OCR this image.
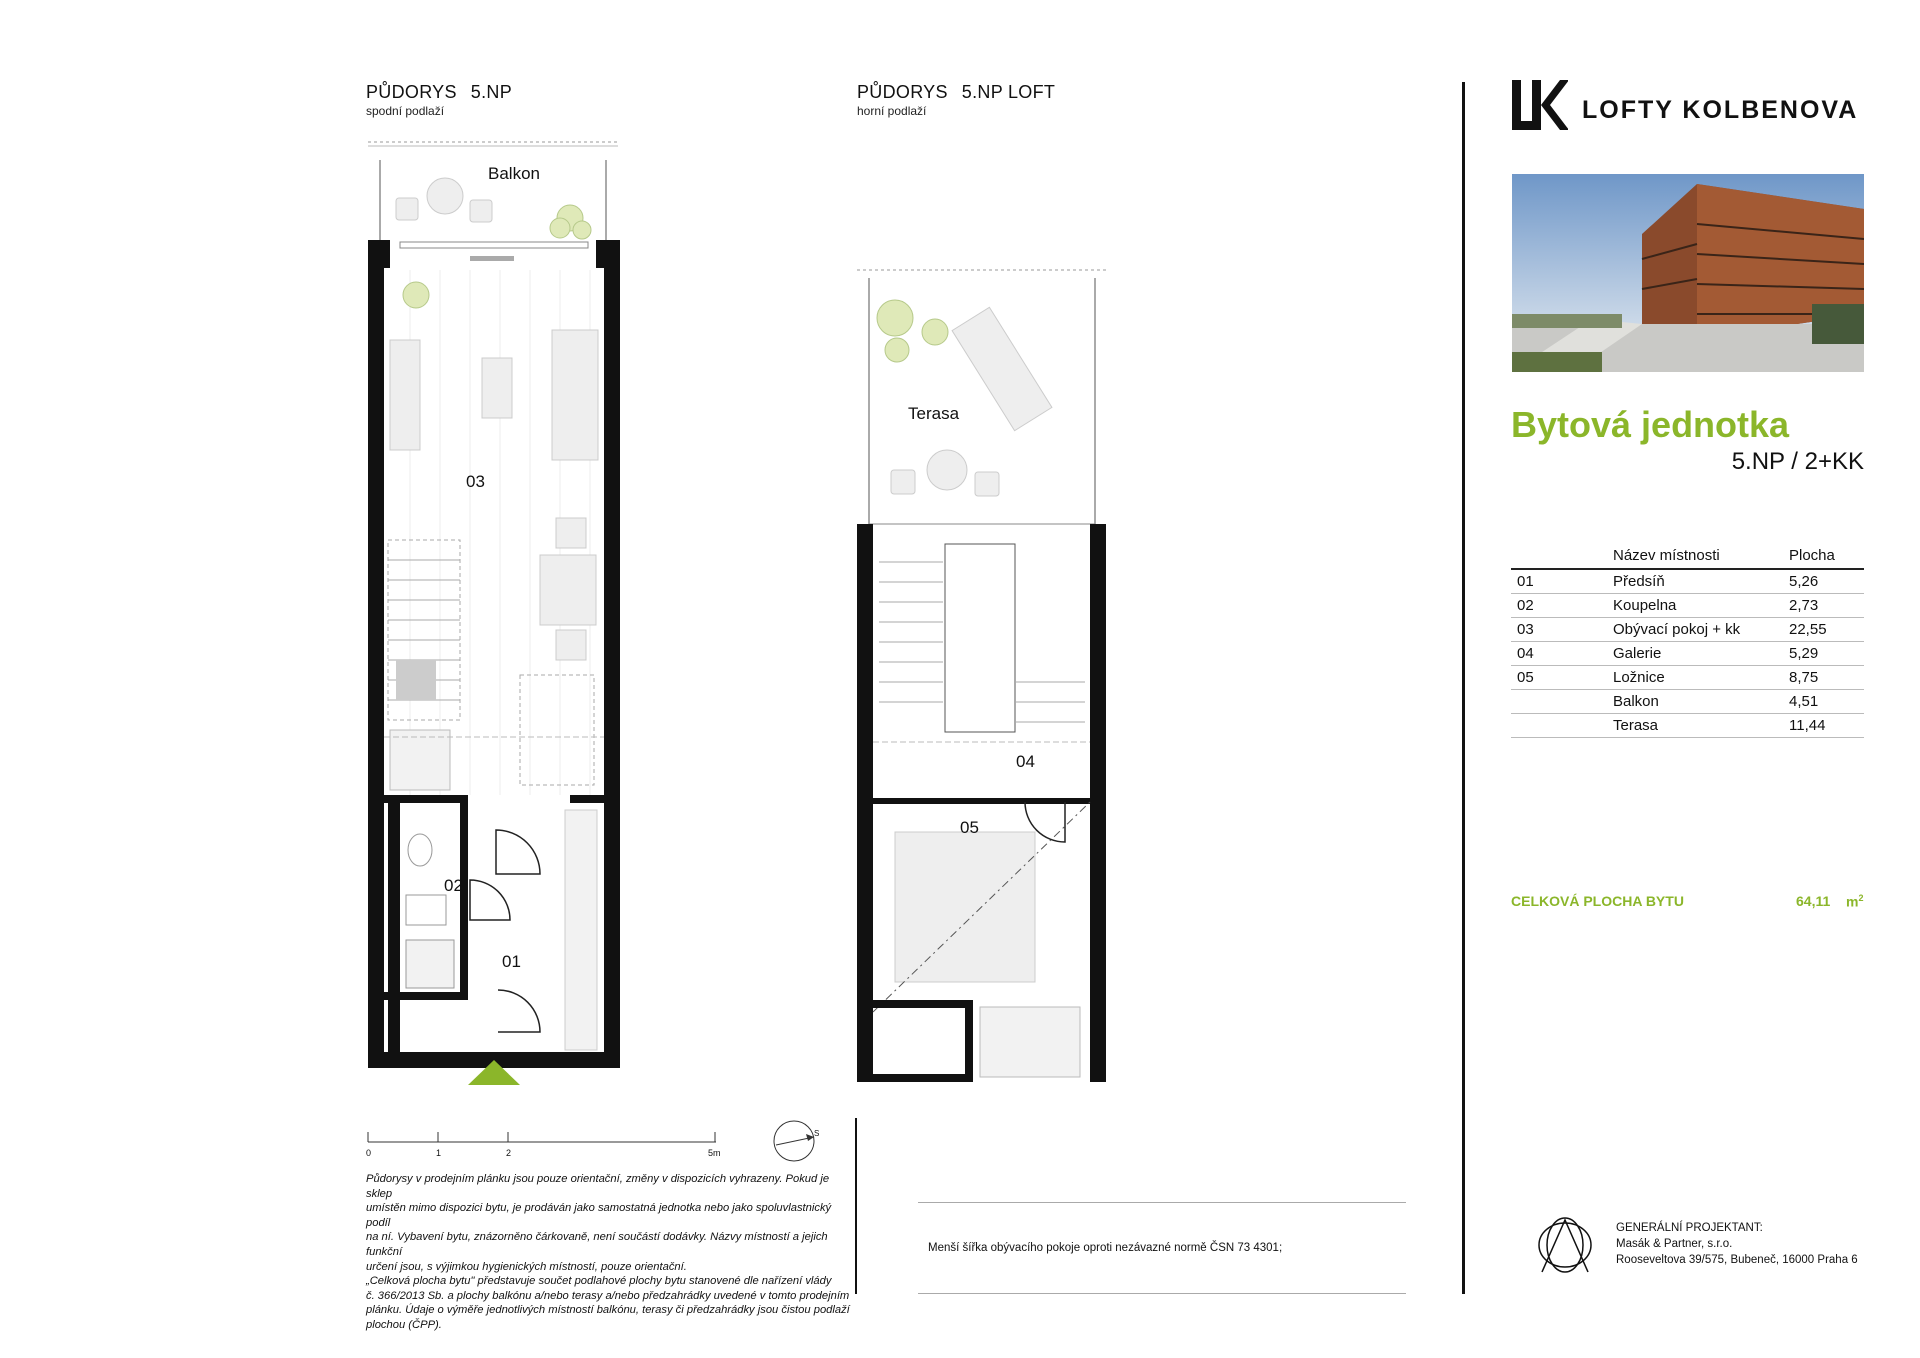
PŮDORYS 5.NP
spodní podlaží
Balkon
03
02
01
PŮDORYS 5.NP LOFT
horní podlaží
Terasa
04
05
0	1	2	5m
S

Půdorysy v prodejním plánku jsou pouze orientační, změny v dispozicích vyhrazeny. Pokud je sklep

umístěn mimo dispozici bytu, je prodáván jako samostatná jednotka nebo jako spoluvlastnický podíl

na ní. Vybavení bytu, znázorněno čárkovaně, není součástí dodávky. Názvy místností a jejich funkční

určení jsou, s výjimkou hygienických místností, pouze orientační.

„Celková plocha bytu" představuje součet podlahové plochy bytu stanovené dle nařízení vlády

č. 366/2013 Sb. a plochy balkónu a/nebo terasy a/nebo předzahrádky uvedené v tomto prodejním

plánku. Údaje o výměře jednotlivých místností balkónu, terasy či předzahrádky jsou čistou podlaží

plochou (ČPP).

Menší šířka obývacího pokoje oproti nezávazné normě ČSN 73 4301;
LOFTY KOLBENOVA
Bytová jednotka
5.NP / 2+KK
	Název místnosti	Plocha
01	Předsíň	5,26
02	Koupelna	2,73
03	Obývací pokoj + kk	22,55
04	Galerie	5,29
05	Ložnice	8,75
	Balkon	4,51
	Terasa	11,44
CELKOVÁ PLOCHA BYTU	64,11 $m^2$
GENERÁLNÍ PROJEKTANT:
Masák & Partner, s.r.o.
Rooseveltova 39/575, Bubeneč, 16000 Praha 6
